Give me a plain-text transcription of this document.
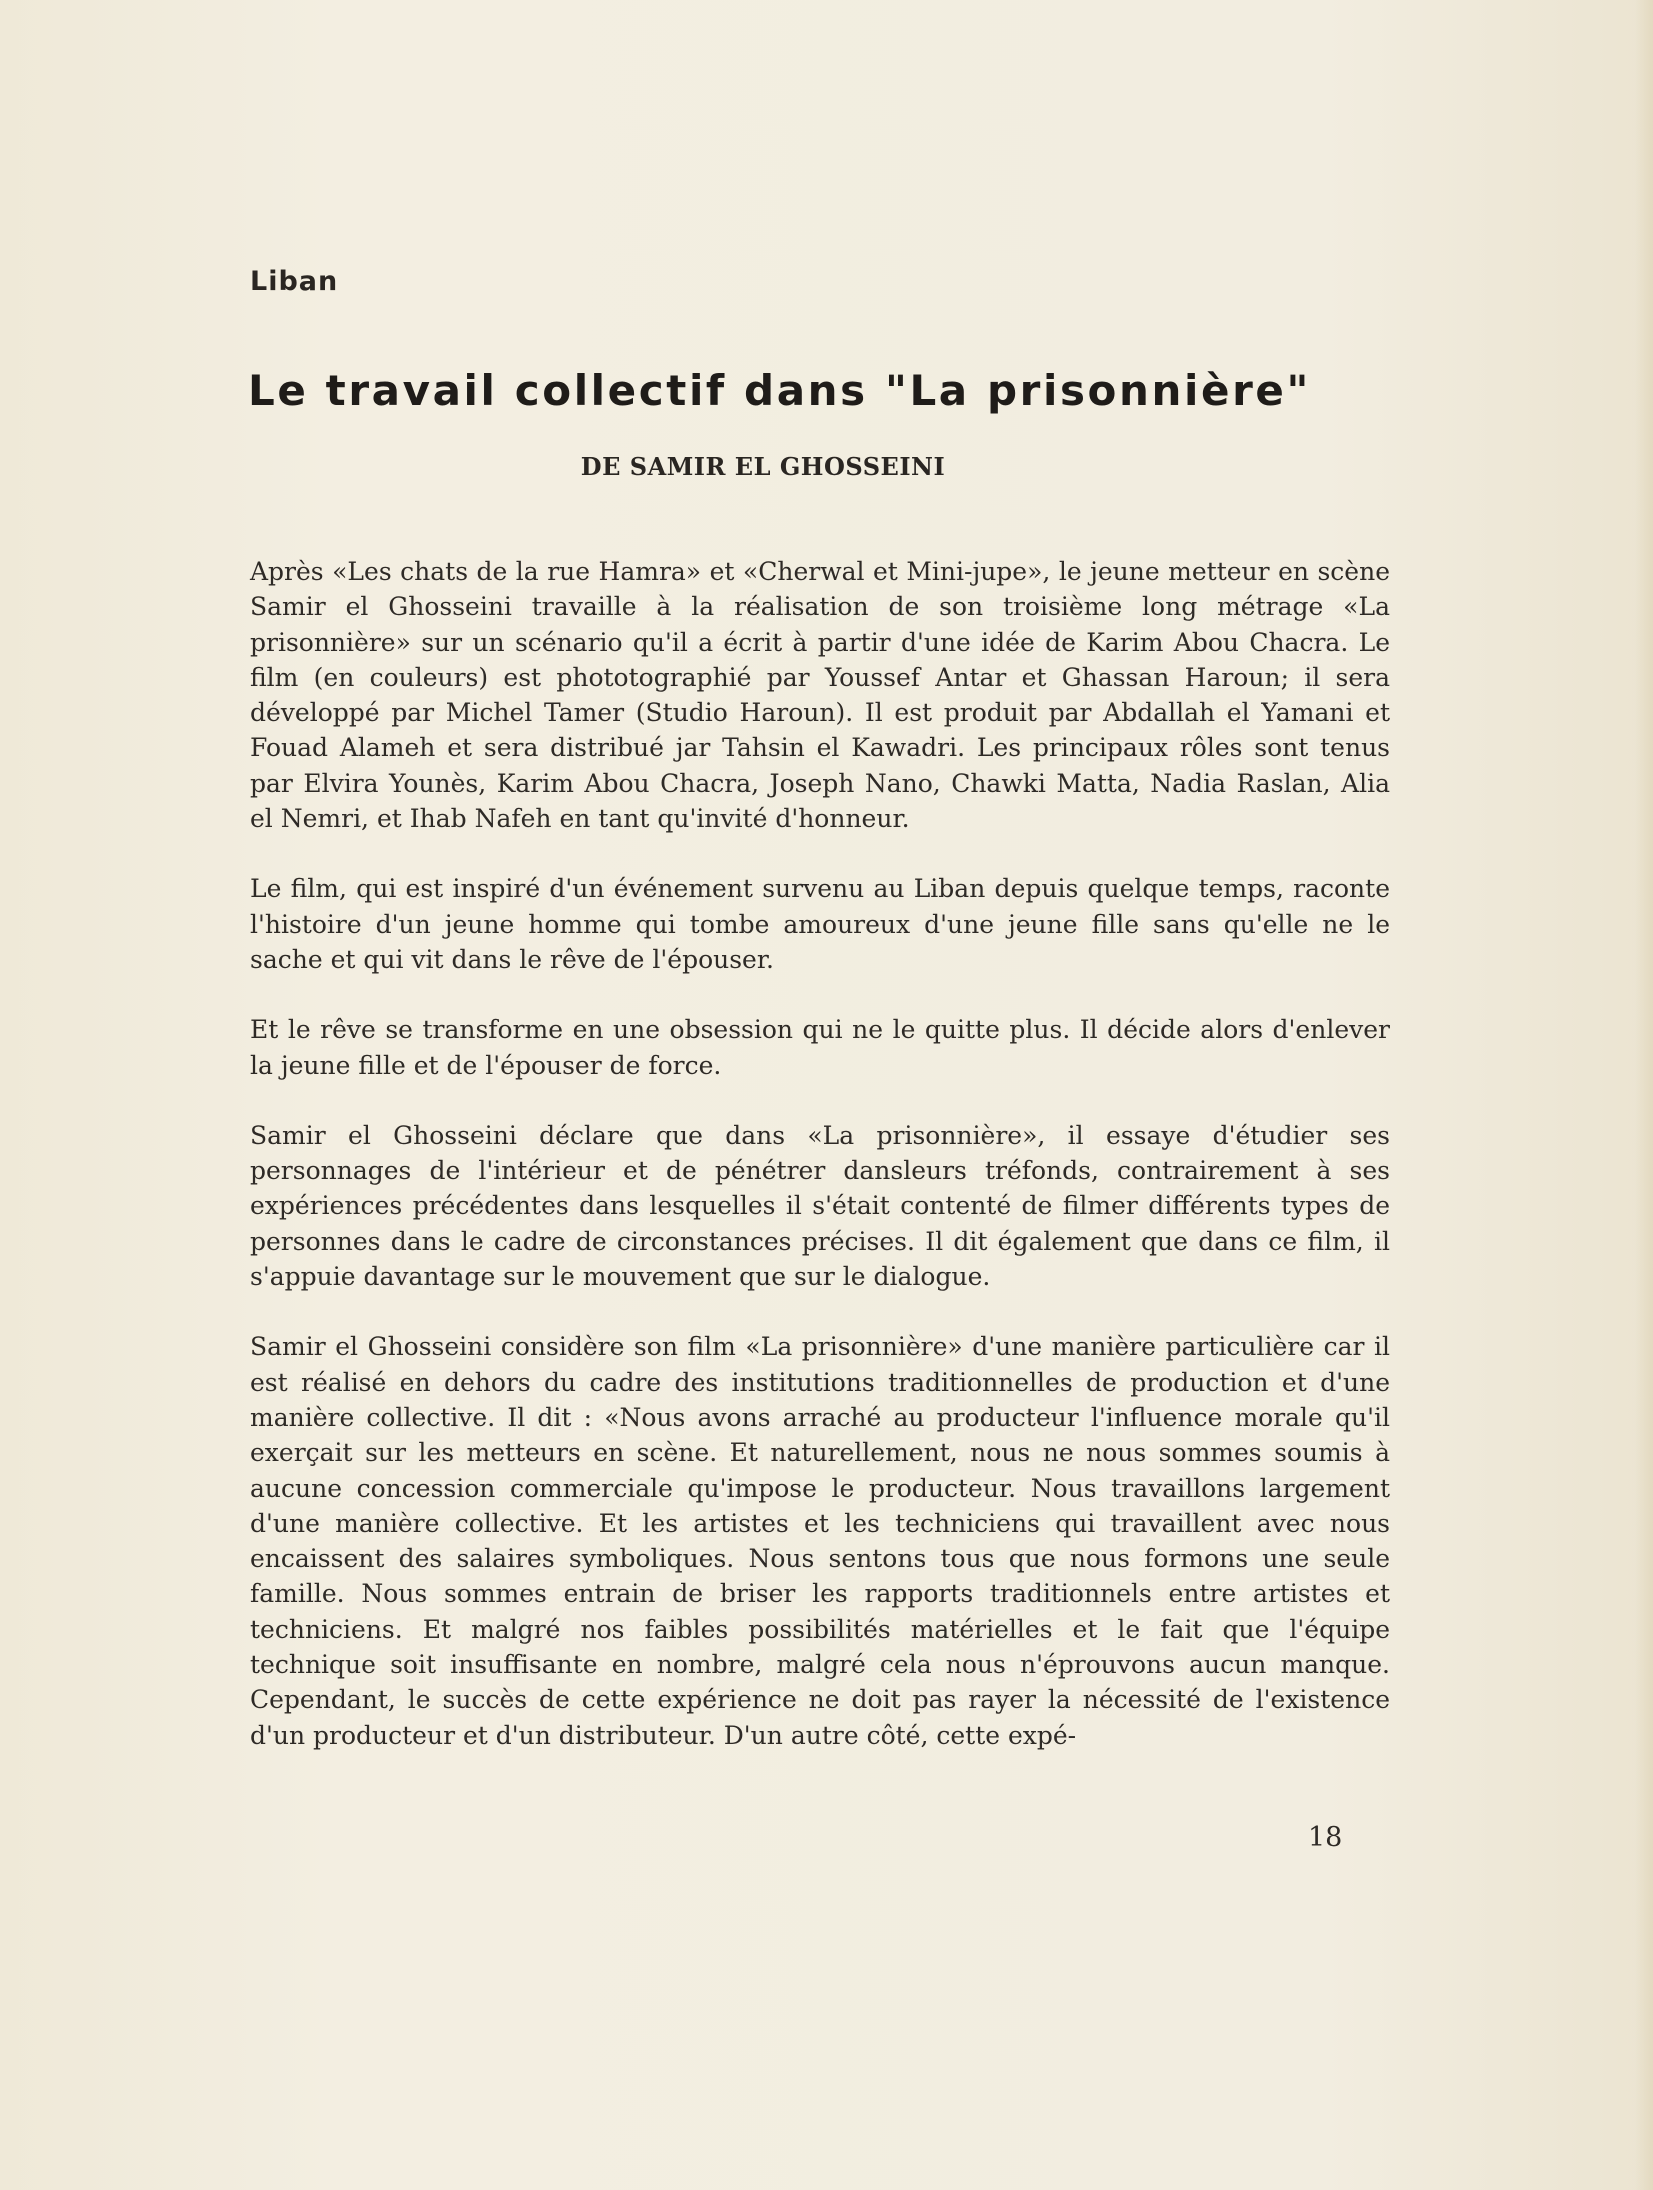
Liban

Le travail collectif dans "La prisonnière"

DE SAMIR EL GHOSSEINI

Après «Les chats de la rue Hamra» et «Cherwal et Mini-jupe», le jeune metteur en scène Samir el Ghosseini travaille à la réalisation de son troisième long métrage «La prisonnière» sur un scénario qu'il a écrit à partir d'une idée de Karim Abou Chacra. Le film (en couleurs) est phototographié par Youssef Antar et Ghassan Haroun; il sera développé par Michel Tamer (Studio Haroun). Il est produit par Abdallah el Yamani et Fouad Alameh et sera distribué jar Tahsin el Kawadri. Les principaux rôles sont tenus par Elvira Younès, Karim Abou Chacra, Joseph Nano, Chawki Matta, Nadia Raslan, Alia el Nemri, et Ihab Nafeh en tant qu'invité d'honneur.

Le film, qui est inspiré d'un événement survenu au Liban depuis quelque temps, raconte l'histoire d'un jeune homme qui tombe amoureux d'une jeune fille sans qu'elle ne le sache et qui vit dans le rêve de l'épouser.

Et le rêve se transforme en une obsession qui ne le quitte plus. Il décide alors d'enlever la jeune fille et de l'épouser de force.

Samir el Ghosseini déclare que dans «La prisonnière», il essaye d'étudier ses personnages de l'intérieur et de pénétrer dansleurs tréfonds, contrairement à ses expériences précédentes dans lesquelles il s'était contenté de filmer différents types de personnes dans le cadre de circonstances précises. Il dit également que dans ce film, il s'appuie davantage sur le mouvement que sur le dialogue.

Samir el Ghosseini considère son film «La prisonnière» d'une manière particulière car il est réalisé en dehors du cadre des institutions traditionnelles de production et d'une manière collective. Il dit : «Nous avons arraché au producteur l'influence morale qu'il exerçait sur les metteurs en scène. Et naturellement, nous ne nous sommes soumis à aucune concession commerciale qu'impose le producteur. Nous travaillons largement d'une manière collective. Et les artistes et les techniciens qui travaillent avec nous encaissent des salaires symboliques. Nous sentons tous que nous formons une seule famille. Nous sommes entrain de briser les rapports traditionnels entre artistes et techniciens. Et malgré nos faibles possibilités matérielles et le fait que l'équipe technique soit insuffisante en nombre, malgré cela nous n'éprouvons aucun manque. Cependant, le succès de cette expérience ne doit pas rayer la nécessité de l'existence d'un producteur et d'un distributeur. D'un autre côté, cette expé-

18
